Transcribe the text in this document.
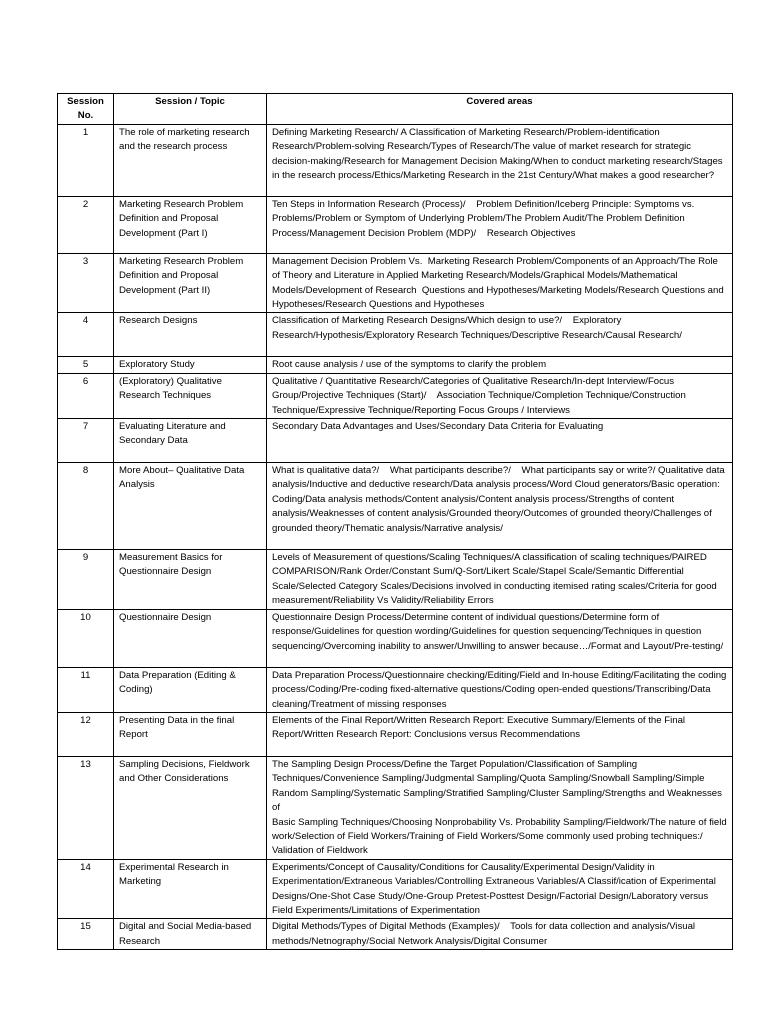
Session
No.	Session / Topic	Covered areas
1	The role of marketing research and the research process	Defining Marketing Research/ A Classification of Marketing Research/Problem-identification Research/Problem-solving Research/Types of Research/The value of market research for strategic decision-making/Research for Management Decision Making/When to conduct marketing research/Stages in the research process/Ethics/Marketing Research in the 21st Century/What makes a good researcher?
2	Marketing Research Problem Definition and Proposal Development (Part I)	Ten Steps in Information Research (Process)/    Problem Definition/Iceberg Principle: Symptoms vs. Problems/Problem or Symptom of Underlying Problem/The Problem Audit/The Problem Definition Process/Management Decision Problem (MDP)/    Research Objectives
3	Marketing Research Problem Definition and Proposal Development (Part II)	Management Decision Problem Vs.  Marketing Research Problem/Components of an Approach/The Role of Theory and Literature in Applied Marketing Research/Models/Graphical Models/Mathematical Models/Development of Research  Questions and Hypotheses/Marketing Models/Research Questions and Hypotheses/Research Questions and Hypotheses
4	Research Designs	Classification of Marketing Research Designs/Which design to use?/    Exploratory Research/Hypothesis/Exploratory Research Techniques/Descriptive Research/Causal Research/
5	Exploratory Study	Root cause analysis / use of the symptoms to clarify the problem
6	(Exploratory) Qualitative Research Techniques	Qualitative / Quantitative Research/Categories of Qualitative Research/In-dept Interview/Focus Group/Projective Techniques (Start)/    Association Technique/Completion Technique/Construction Technique/Expressive Technique/Reporting Focus Groups / Interviews
7	Evaluating Literature and Secondary Data	Secondary Data Advantages and Uses/Secondary Data Criteria for Evaluating
8	More About– Qualitative Data Analysis	What is qualitative data?/    What participants describe?/    What participants say or write?/ Qualitative data analysis/Inductive and deductive research/Data analysis process/Word Cloud generators/Basic operation: Coding/Data analysis methods/Content analysis/Content analysis process/Strengths of content analysis/Weaknesses of content analysis/Grounded theory/Outcomes of grounded theory/Challenges of grounded theory/Thematic analysis/Narrative analysis/
9	Measurement Basics for Questionnaire Design	Levels of Measurement of questions/Scaling Techniques/A classification of scaling techniques/PAIRED COMPARISON/Rank Order/Constant Sum/Q-Sort/Likert Scale/Stapel Scale/Semantic Differential Scale/Selected Category Scales/Decisions involved in conducting itemised rating scales/Criteria for good measurement/Reliability Vs Validity/Reliability Errors
10	Questionnaire Design	Questionnaire Design Process/Determine content of individual questions/Determine form of response/Guidelines for question wording/Guidelines for question sequencing/Techniques in question sequencing/Overcoming inability to answer/Unwilling to answer because…/Format and Layout/Pre-testing/
11	Data Preparation (Editing & Coding)	Data Preparation Process/Questionnaire checking/Editing/Field and In-house Editing/Facilitating the coding process/Coding/Pre-coding fixed-alternative questions/Coding open-ended questions/Transcribing/Data cleaning/Treatment of missing responses
12	Presenting Data in the final Report	Elements of the Final Report/Written Research Report: Executive Summary/Elements of the Final Report/Written Research Report: Conclusions versus Recommendations
13	Sampling Decisions, Fieldwork and Other Considerations	The Sampling Design Process/Define the Target Population/Classification of Sampling Techniques/Convenience Sampling/Judgmental Sampling/Quota Sampling/Snowball Sampling/Simple Random Sampling/Systematic Sampling/Stratified Sampling/Cluster Sampling/Strengths and Weaknesses of
Basic Sampling Techniques/Choosing Nonprobability Vs. Probability Sampling/Fieldwork/The nature of field work/Selection of Field Workers/Training of Field Workers/Some commonly used probing techniques:/    Validation of Fieldwork
14	Experimental Research in Marketing	Experiments/Concept of Causality/Conditions for Causality/Experimental Design/Validity in Experimentation/Extraneous Variables/Controlling Extraneous Variables/A Classif/ication of Experimental Designs/One-Shot Case Study/One-Group Pretest-Posttest Design/Factorial Design/Laboratory versus Field Experiments/Limitations of Experimentation
15	Digital and Social Media-based Research	Digital Methods/Types of Digital Methods (Examples)/    Tools for data collection and analysis/Visual methods/Netnography/Social Network Analysis/Digital Consumer
